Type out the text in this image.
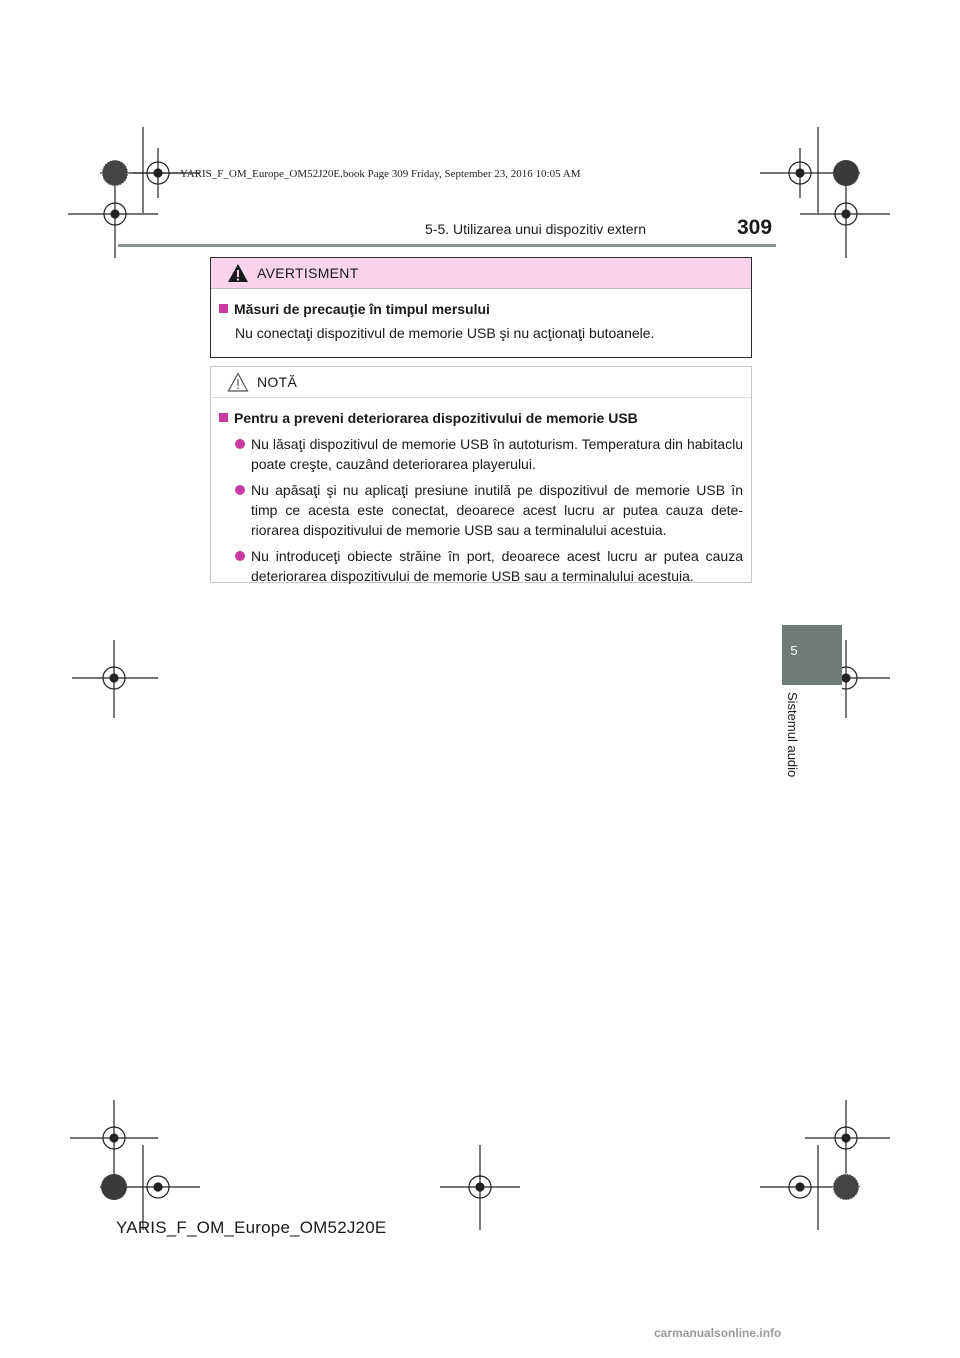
YARIS_F_OM_Europe_OM52J20E.book Page 309 Friday, September 23, 2016 10:05 AM
5-5. Utilizarea unui dispozitiv extern	309
AVERTISMENT
Măsuri de precauţie în timpul mersului
Nu conectaţi dispozitivul de memorie USB şi nu acţionaţi butoanele.
NOTĂ
Pentru a preveni deteriorarea dispozitivului de memorie USB
Nu lăsaţi dispozitivul de memorie USB în autoturism. Temperatura din habitaclu poate creşte, cauzând deteriorarea playerului.
Nu apăsaţi şi nu aplicaţi presiune inutilă pe dispozitivul de memorie USB în timp ce acesta este conectat, deoarece acest lucru ar putea cauza dete-riorarea dispozitivului de memorie USB sau a terminalului acestuia.
Nu introduceţi obiecte străine în port, deoarece acest lucru ar putea cauza deteriorarea dispozitivului de memorie USB sau a terminalului acestuia.
5
Sistemul audio
YARIS_F_OM_Europe_OM52J20E
carmanualsonline.info
